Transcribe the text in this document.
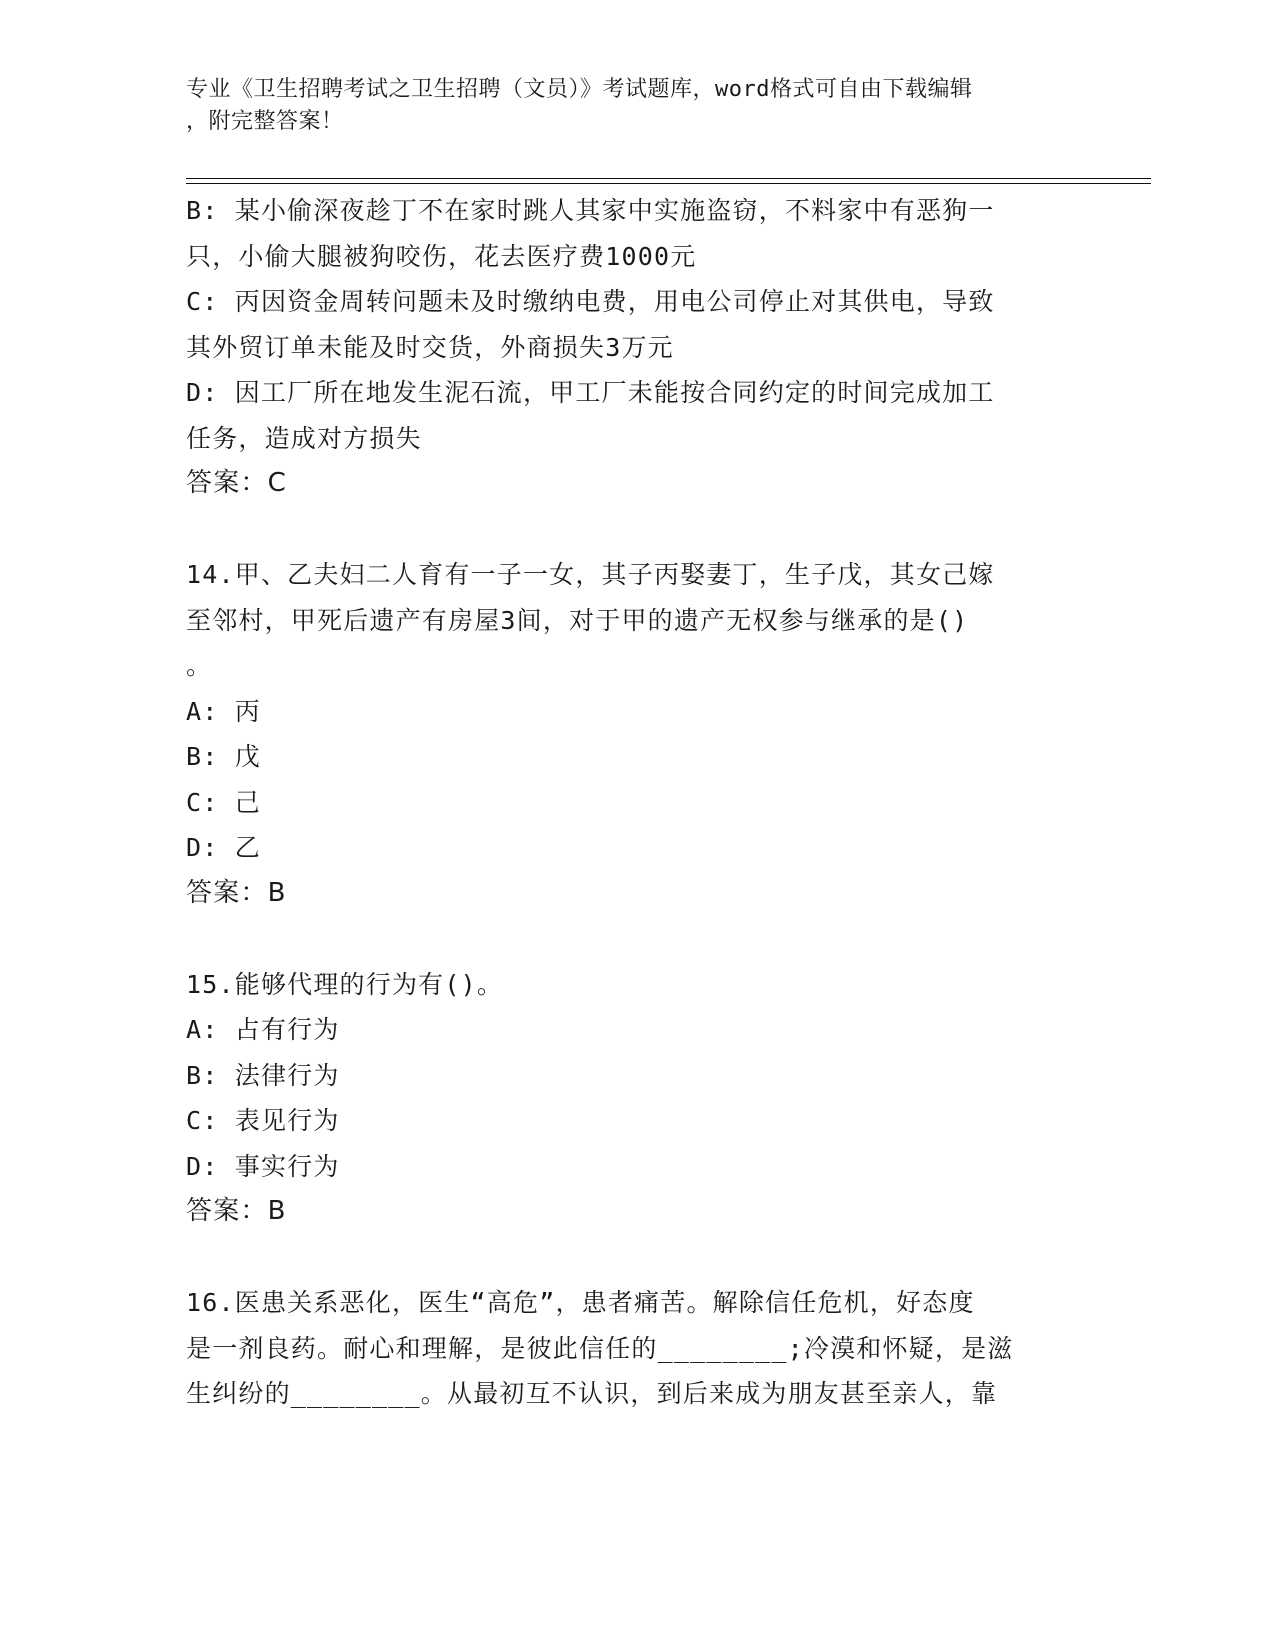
专业《卫生招聘考试之卫生招聘（文员）》考试题库，word格式可自由下载编辑
，附完整答案！
B: 某小偷深夜趁丁不在家时跳人其家中实施盗窃，不料家中有恶狗一
只，小偷大腿被狗咬伤，花去医疗费1000元
C: 丙因资金周转问题未及时缴纳电费，用电公司停止对其供电，导致
其外贸订单未能及时交货，外商损失3万元
D: 因工厂所在地发生泥石流，甲工厂未能按合同约定的时间完成加工
任务，造成对方损失
答案：C
14.甲、乙夫妇二人育有一子一女，其子丙娶妻丁，生子戊，其女己嫁
至邻村，甲死后遗产有房屋3间，对于甲的遗产无权参与继承的是()
。
A: 丙
B: 戊
C: 己
D: 乙
答案：B
15.能够代理的行为有()。
A: 占有行为
B: 法律行为
C: 表见行为
D: 事实行为
答案：B
16.医患关系恶化，医生“高危”，患者痛苦。解除信任危机，好态度
是一剂良药。耐心和理解，是彼此信任的________;冷漠和怀疑，是滋
生纠纷的________。从最初互不认识，到后来成为朋友甚至亲人，靠
